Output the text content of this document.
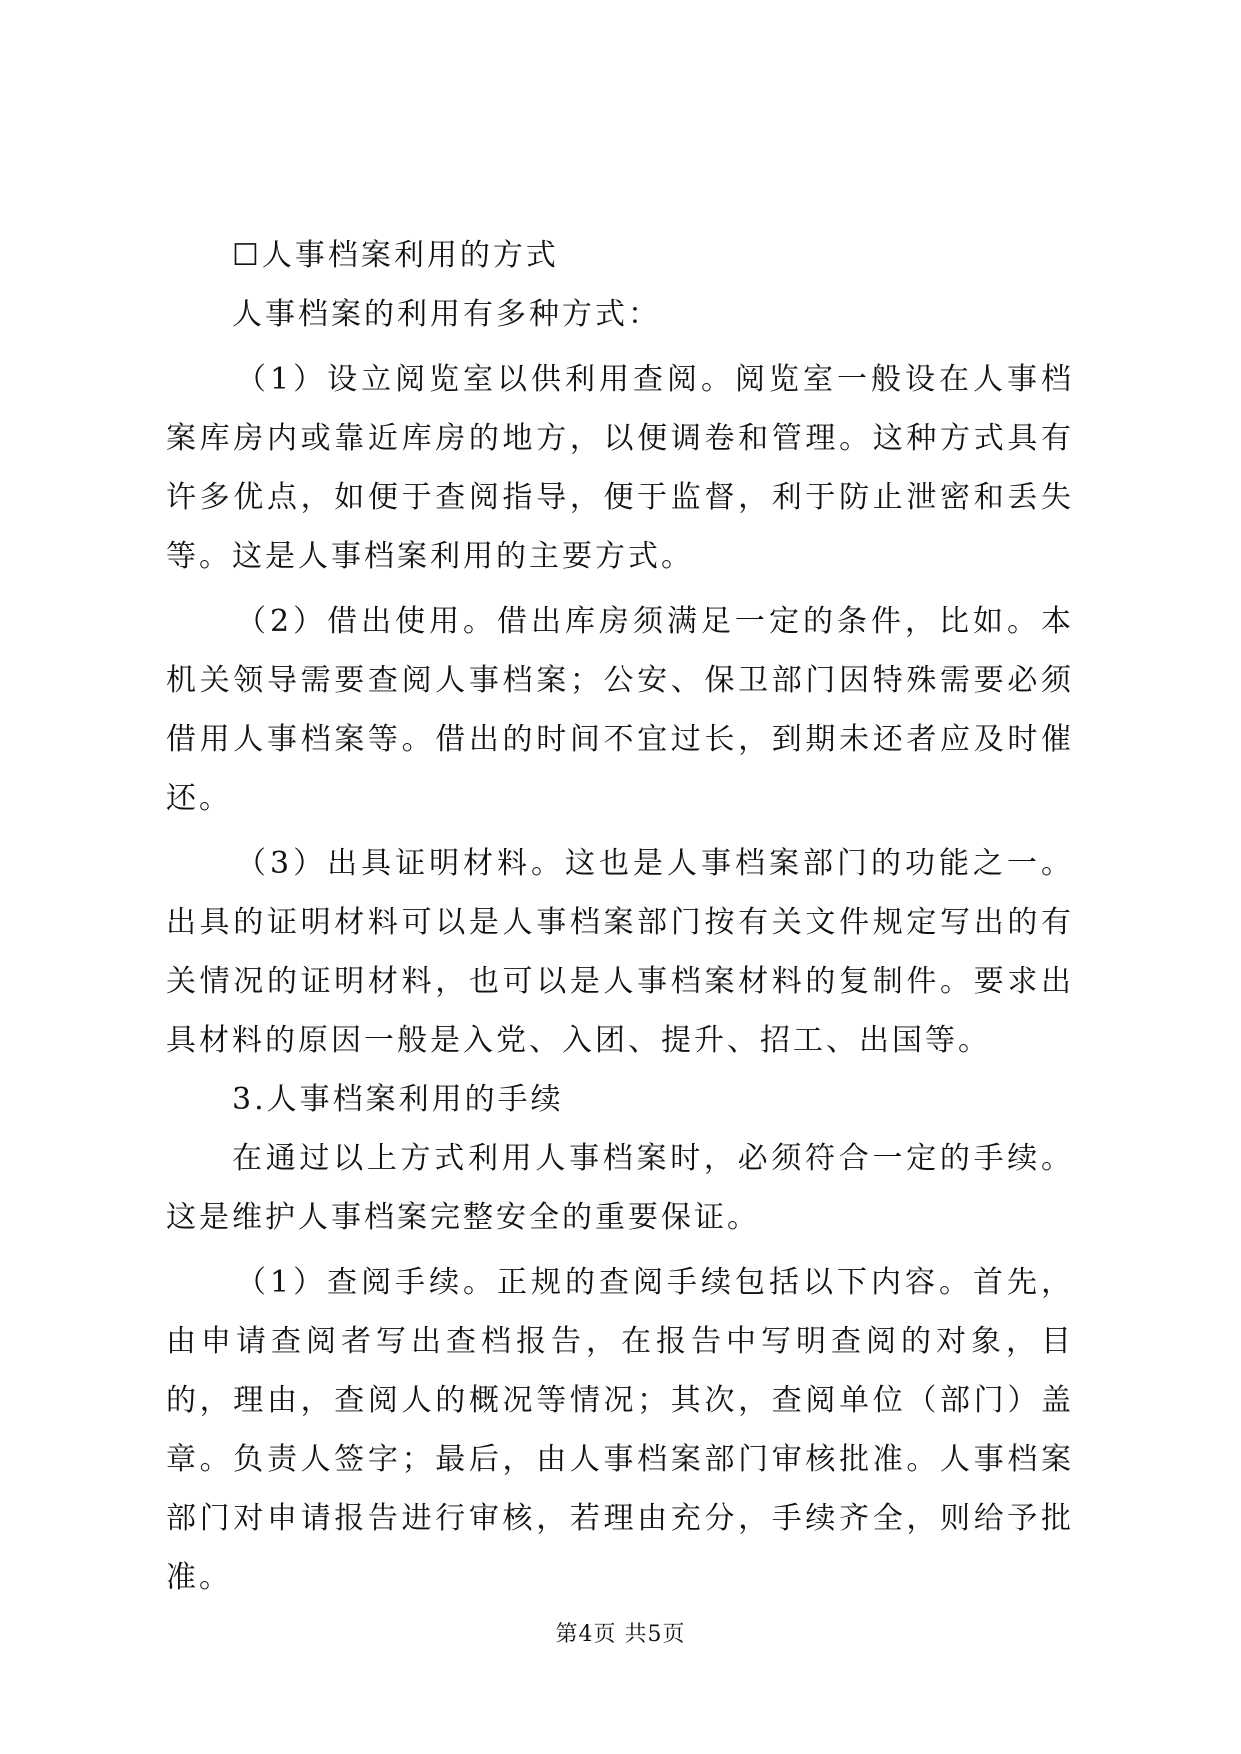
☐人事档案利用的方式

人事档案的利用有多种方式：

（1）设立阅览室以供利用查阅。阅览室一般设在人事档案库房内或靠近库房的地方，以便调卷和管理。这种方式具有许多优点，如便于查阅指导，便于监督，利于防止泄密和丢失等。这是人事档案利用的主要方式。

（2）借出使用。借出库房须满足一定的条件，比如。本机关领导需要查阅人事档案；公安、保卫部门因特殊需要必须借用人事档案等。借出的时间不宜过长，到期未还者应及时催还。

（3）出具证明材料。这也是人事档案部门的功能之一。出具的证明材料可以是人事档案部门按有关文件规定写出的有关情况的证明材料，也可以是人事档案材料的复制件。要求出具材料的原因一般是入党、入团、提升、招工、出国等。

3.人事档案利用的手续

在通过以上方式利用人事档案时，必须符合一定的手续。这是维护人事档案完整安全的重要保证。

（1）查阅手续。正规的查阅手续包括以下内容。首先，由申请查阅者写出查档报告，在报告中写明查阅的对象，目的，理由，查阅人的概况等情况；其次，查阅单位（部门）盖章。负责人签字；最后，由人事档案部门审核批准。人事档案部门对申请报告进行审核，若理由充分，手续齐全，则给予批准。

第4页 共5页
